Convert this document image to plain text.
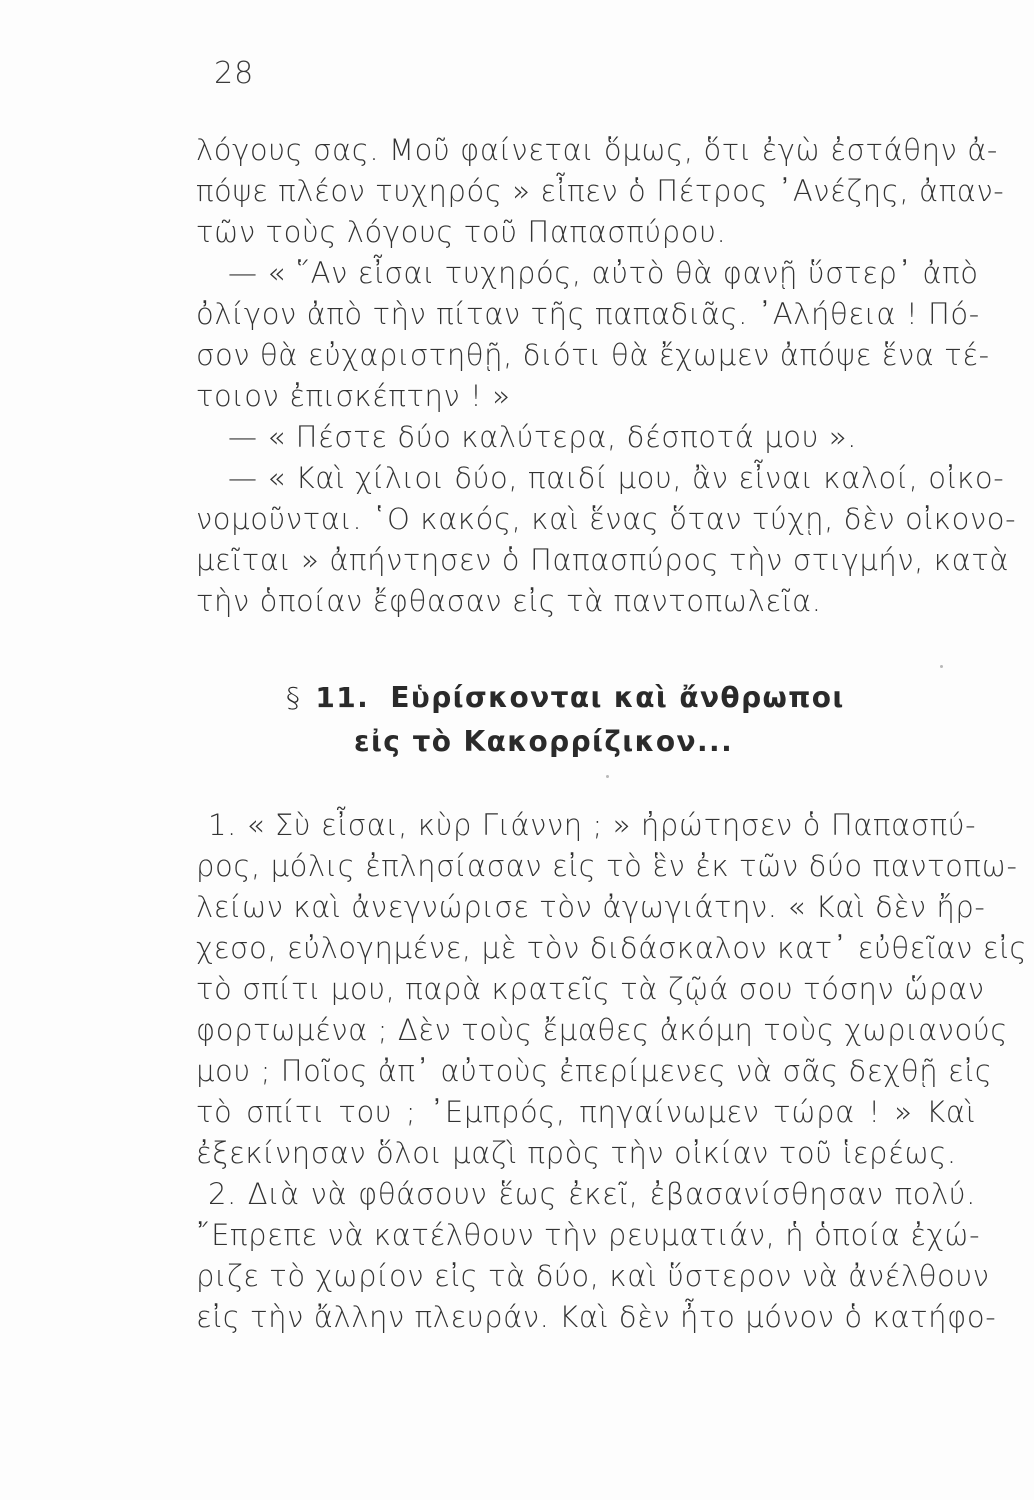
28
λόγους σας. Μοῦ φαίνεται ὅμως, ὅτι ἐγὼ ἐστάθην ἀ-
πόψε πλέον τυχηρός » εἶπεν ὁ Πέτρος ᾽Ανέζης, ἀπαν-
τῶν τοὺς λόγους τοῦ Παπασπύρου.
— « ῞Αν εἶσαι τυχηρός, αὐτὸ θὰ φανῇ ὕστερ᾽ ἀπὸ
ὀλίγον ἀπὸ τὴν πίταν τῆς παπαδιᾶς. ᾽Αλήθεια ! Πό-
σον θὰ εὐχαριστηθῇ, διότι θὰ ἔχωμεν ἀπόψε ἕνα τέ-
τοιον ἐπισκέπτην ! »
— « Πέστε δύο καλύτερα, δέσποτά μου ».
— « Καὶ χίλιοι δύο, παιδί μου, ἂν εἶναι καλοί, οἰκο-
νομοῦνται. ῾Ο κακός, καὶ ἕνας ὅταν τύχῃ, δὲν οἰκονο-
μεῖται » ἀπήντησεν ὁ Παπασπύρος τὴν στιγμήν, κατὰ
τὴν ὁποίαν ἔφθασαν εἰς τὰ παντοπωλεῖα.
§ 11. Εὑρίσκονται καὶ ἄνθρωποι
εἰς τὸ Κακορρίζικον...
1. « Σὺ εἶσαι, κὺρ Γιάννη ; » ἠρώτησεν ὁ Παπασπύ-
ρος, μόλις ἐπλησίασαν εἰς τὸ ἓν ἐκ τῶν δύο παντοπω-
λείων καὶ ἀνεγνώρισε τὸν ἀγωγιάτην. « Καὶ δὲν ἤρ-
χεσο, εὐλογημένε, μὲ τὸν διδάσκαλον κατ᾽ εὐθεῖαν εἰς
τὸ σπίτι μου, παρὰ κρατεῖς τὰ ζῷά σου τόσην ὥραν
φορτωμένα ; Δὲν τοὺς ἔμαθες ἀκόμη τοὺς χωριανούς
μου ; Ποῖος ἀπ᾽ αὐτοὺς ἐπερίμενες νὰ σᾶς δεχθῇ εἰς
τὸ σπίτι του ; ᾽Εμπρός, πηγαίνωμεν τώρα ! » Καὶ
ἐξεκίνησαν ὅλοι μαζὶ πρὸς τὴν οἰκίαν τοῦ ἱερέως.
2. Διὰ νὰ φθάσουν ἕως ἐκεῖ, ἐβασανίσθησαν πολύ.
῎Επρεπε νὰ κατέλθουν τὴν ρευματιάν, ἡ ὁποία ἐχώ-
ριζε τὸ χωρίον εἰς τὰ δύο, καὶ ὕστερον νὰ ἀνέλθουν
εἰς τὴν ἄλλην πλευράν. Καὶ δὲν ἦτο μόνον ὁ κατήφο-
